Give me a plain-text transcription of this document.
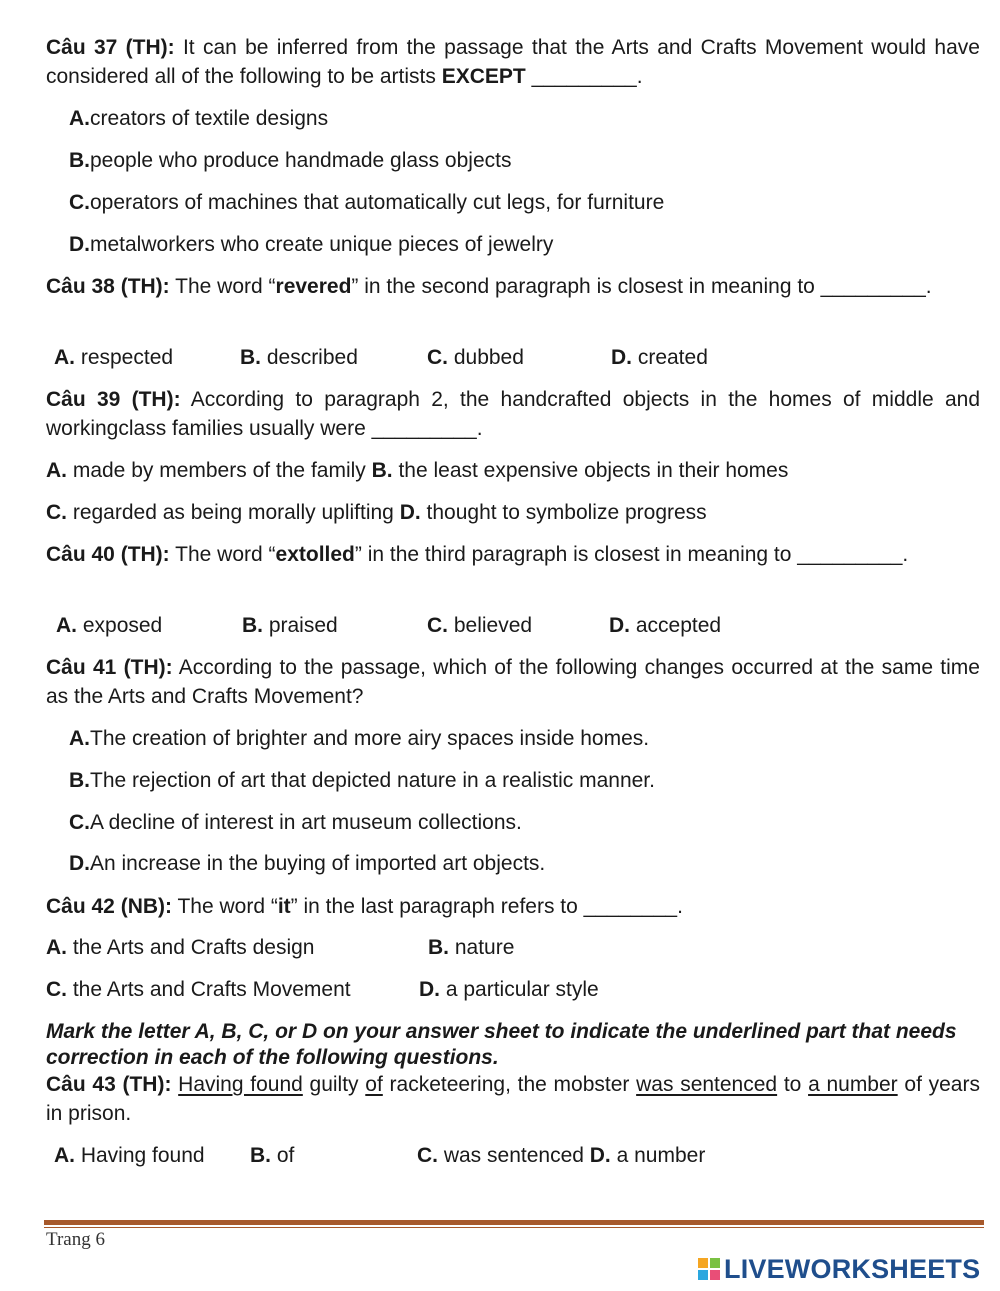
Câu 37 (TH): It can be inferred from the passage that the Arts and Crafts Movement would have considered all of the following to be artists EXCEPT _________.

A.creators of textile designs
B.people who produce handmade glass objects
C.operators of machines that automatically cut legs, for furniture
D.metalworkers who create unique pieces of jewelry

Câu 38 (TH): The word “revered” in the second paragraph is closest in meaning to _________.

A. respected	B. described	C. dubbed	D. created

Câu 39 (TH): According to paragraph 2, the handcrafted objects in the homes of middle and workingclass families usually were _________.

A. made by members of the family B. the least expensive objects in their homes
C. regarded as being morally uplifting D. thought to symbolize progress

Câu 40 (TH): The word “extolled” in the third paragraph is closest in meaning to _________.

A. exposed	B. praised	C. believed	D. accepted

Câu 41 (TH): According to the passage, which of the following changes occurred at the same time as the Arts and Crafts Movement?

A.The creation of brighter and more airy spaces inside homes.
B.The rejection of art that depicted nature in a realistic manner.
C.A decline of interest in art museum collections.
D.An increase in the buying of imported art objects.
Câu 42 (NB): The word “it” in the last paragraph refers to ________.
A. the Arts and Crafts design	B. nature
C. the Arts and Crafts Movement	D. a particular style

Mark the letter A, B, C, or D on your answer sheet to indicate the underlined part that needs correction in each of the following questions.

Câu 43 (TH): Having found guilty of racketeering, the mobster was sentenced to a number of years in prison.

A. Having found B. of	C. was sentenced D. a number
Trang 6
LIVEWORKSHEETS
